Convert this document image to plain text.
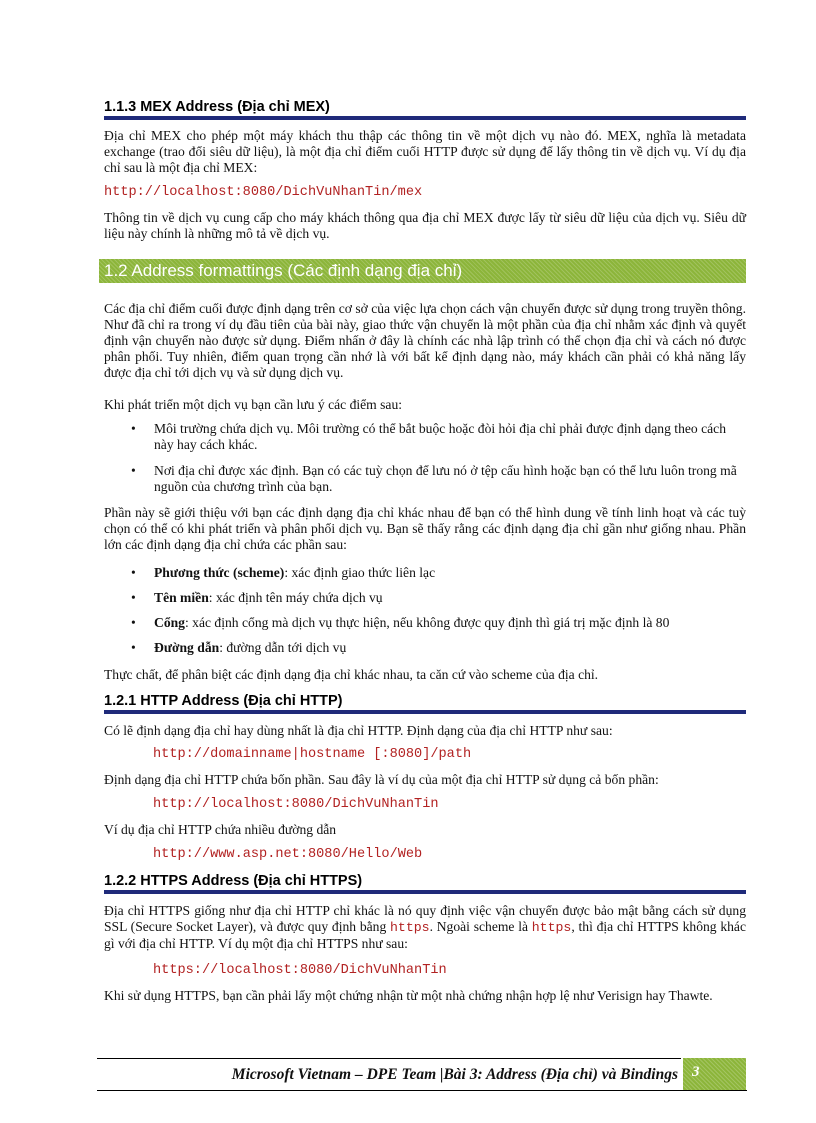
1.1.3 MEX Address (Địa chỉ MEX)
Địa chỉ MEX cho phép một máy khách thu thập các thông tin về một dịch vụ nào đó. MEX, nghĩa là metadata exchange (trao đổi siêu dữ liệu), là một địa chỉ điểm cuối HTTP được sử dụng để lấy thông tin về dịch vụ. Ví dụ địa chỉ sau là một địa chỉ MEX:
http://localhost:8080/DichVuNhanTin/mex
Thông tin về dịch vụ cung cấp cho máy khách thông qua địa chỉ MEX được lấy từ siêu dữ liệu của dịch vụ. Siêu dữ liệu này chính là những mô tả về dịch vụ.
1.2 Address formattings (Các định dạng địa chỉ)
Các địa chỉ điểm cuối được định dạng trên cơ sở của việc lựa chọn cách vận chuyển được sử dụng trong truyền thông. Như đã chỉ ra trong ví dụ đầu tiên của bài này, giao thức vận chuyển là một phần của địa chỉ nhằm xác định và quyết định vận chuyển nào được sử dụng. Điểm nhấn ở đây là chính các nhà lập trình có thể chọn địa chỉ và cách nó được phân phối. Tuy nhiên, điểm quan trọng cần nhớ là với bất kể định dạng nào, máy khách cần phải có khả năng lấy được địa chỉ tới dịch vụ và sử dụng dịch vụ.
Khi phát triển một dịch vụ bạn cần lưu ý các điểm sau:
• Môi trường chứa dịch vụ. Môi trường có thể bắt buộc hoặc đòi hỏi địa chỉ phải được định dạng theo cách này hay cách khác.
• Nơi địa chỉ được xác định. Bạn có các tuỳ chọn để lưu nó ở tệp cấu hình hoặc bạn có thể lưu luôn trong mã nguồn của chương trình của bạn.
Phần này sẽ giới thiệu với bạn các định dạng địa chỉ khác nhau để bạn có thể hình dung về tính linh hoạt và các tuỳ chọn có thể có khi phát triển và phân phối dịch vụ. Bạn sẽ thấy rằng các định dạng địa chỉ gần như giống nhau. Phần lớn các định dạng địa chỉ chứa các phần sau:
• Phương thức (scheme): xác định giao thức liên lạc
• Tên miền: xác định tên máy chứa dịch vụ
• Cổng: xác định cổng mà dịch vụ thực hiện, nếu không được quy định thì giá trị mặc định là 80
• Đường dẫn: đường dẫn tới dịch vụ
Thực chất, để phân biệt các định dạng địa chỉ khác nhau, ta căn cứ vào scheme của địa chỉ.
1.2.1 HTTP Address (Địa chỉ HTTP)
Có lẽ định dạng địa chỉ hay dùng nhất là địa chỉ HTTP. Định dạng của địa chỉ HTTP như sau:
http://domainname|hostname [:8080]/path
Định dạng địa chỉ HTTP chứa bốn phần. Sau đây là ví dụ của một địa chỉ HTTP sử dụng cả bốn phần:
http://localhost:8080/DichVuNhanTin
Ví dụ địa chỉ HTTP chứa nhiều đường dẫn
http://www.asp.net:8080/Hello/Web
1.2.2 HTTPS Address (Địa chỉ HTTPS)
Địa chỉ HTTPS giống như địa chỉ HTTP chỉ khác là nó quy định việc vận chuyển được bảo mật bằng cách sử dụng SSL (Secure Socket Layer), và được quy định bằng https. Ngoài scheme là https, thì địa chỉ HTTPS không khác gì với địa chỉ HTTP. Ví dụ một địa chỉ HTTPS như sau:
https://localhost:8080/DichVuNhanTin
Khi sử dụng HTTPS, bạn cần phải lấy một chứng nhận từ một nhà chứng nhận hợp lệ như Verisign hay Thawte.
Microsoft Vietnam – DPE Team |Bài 3: Address (Địa chỉ) và Bindings 3
